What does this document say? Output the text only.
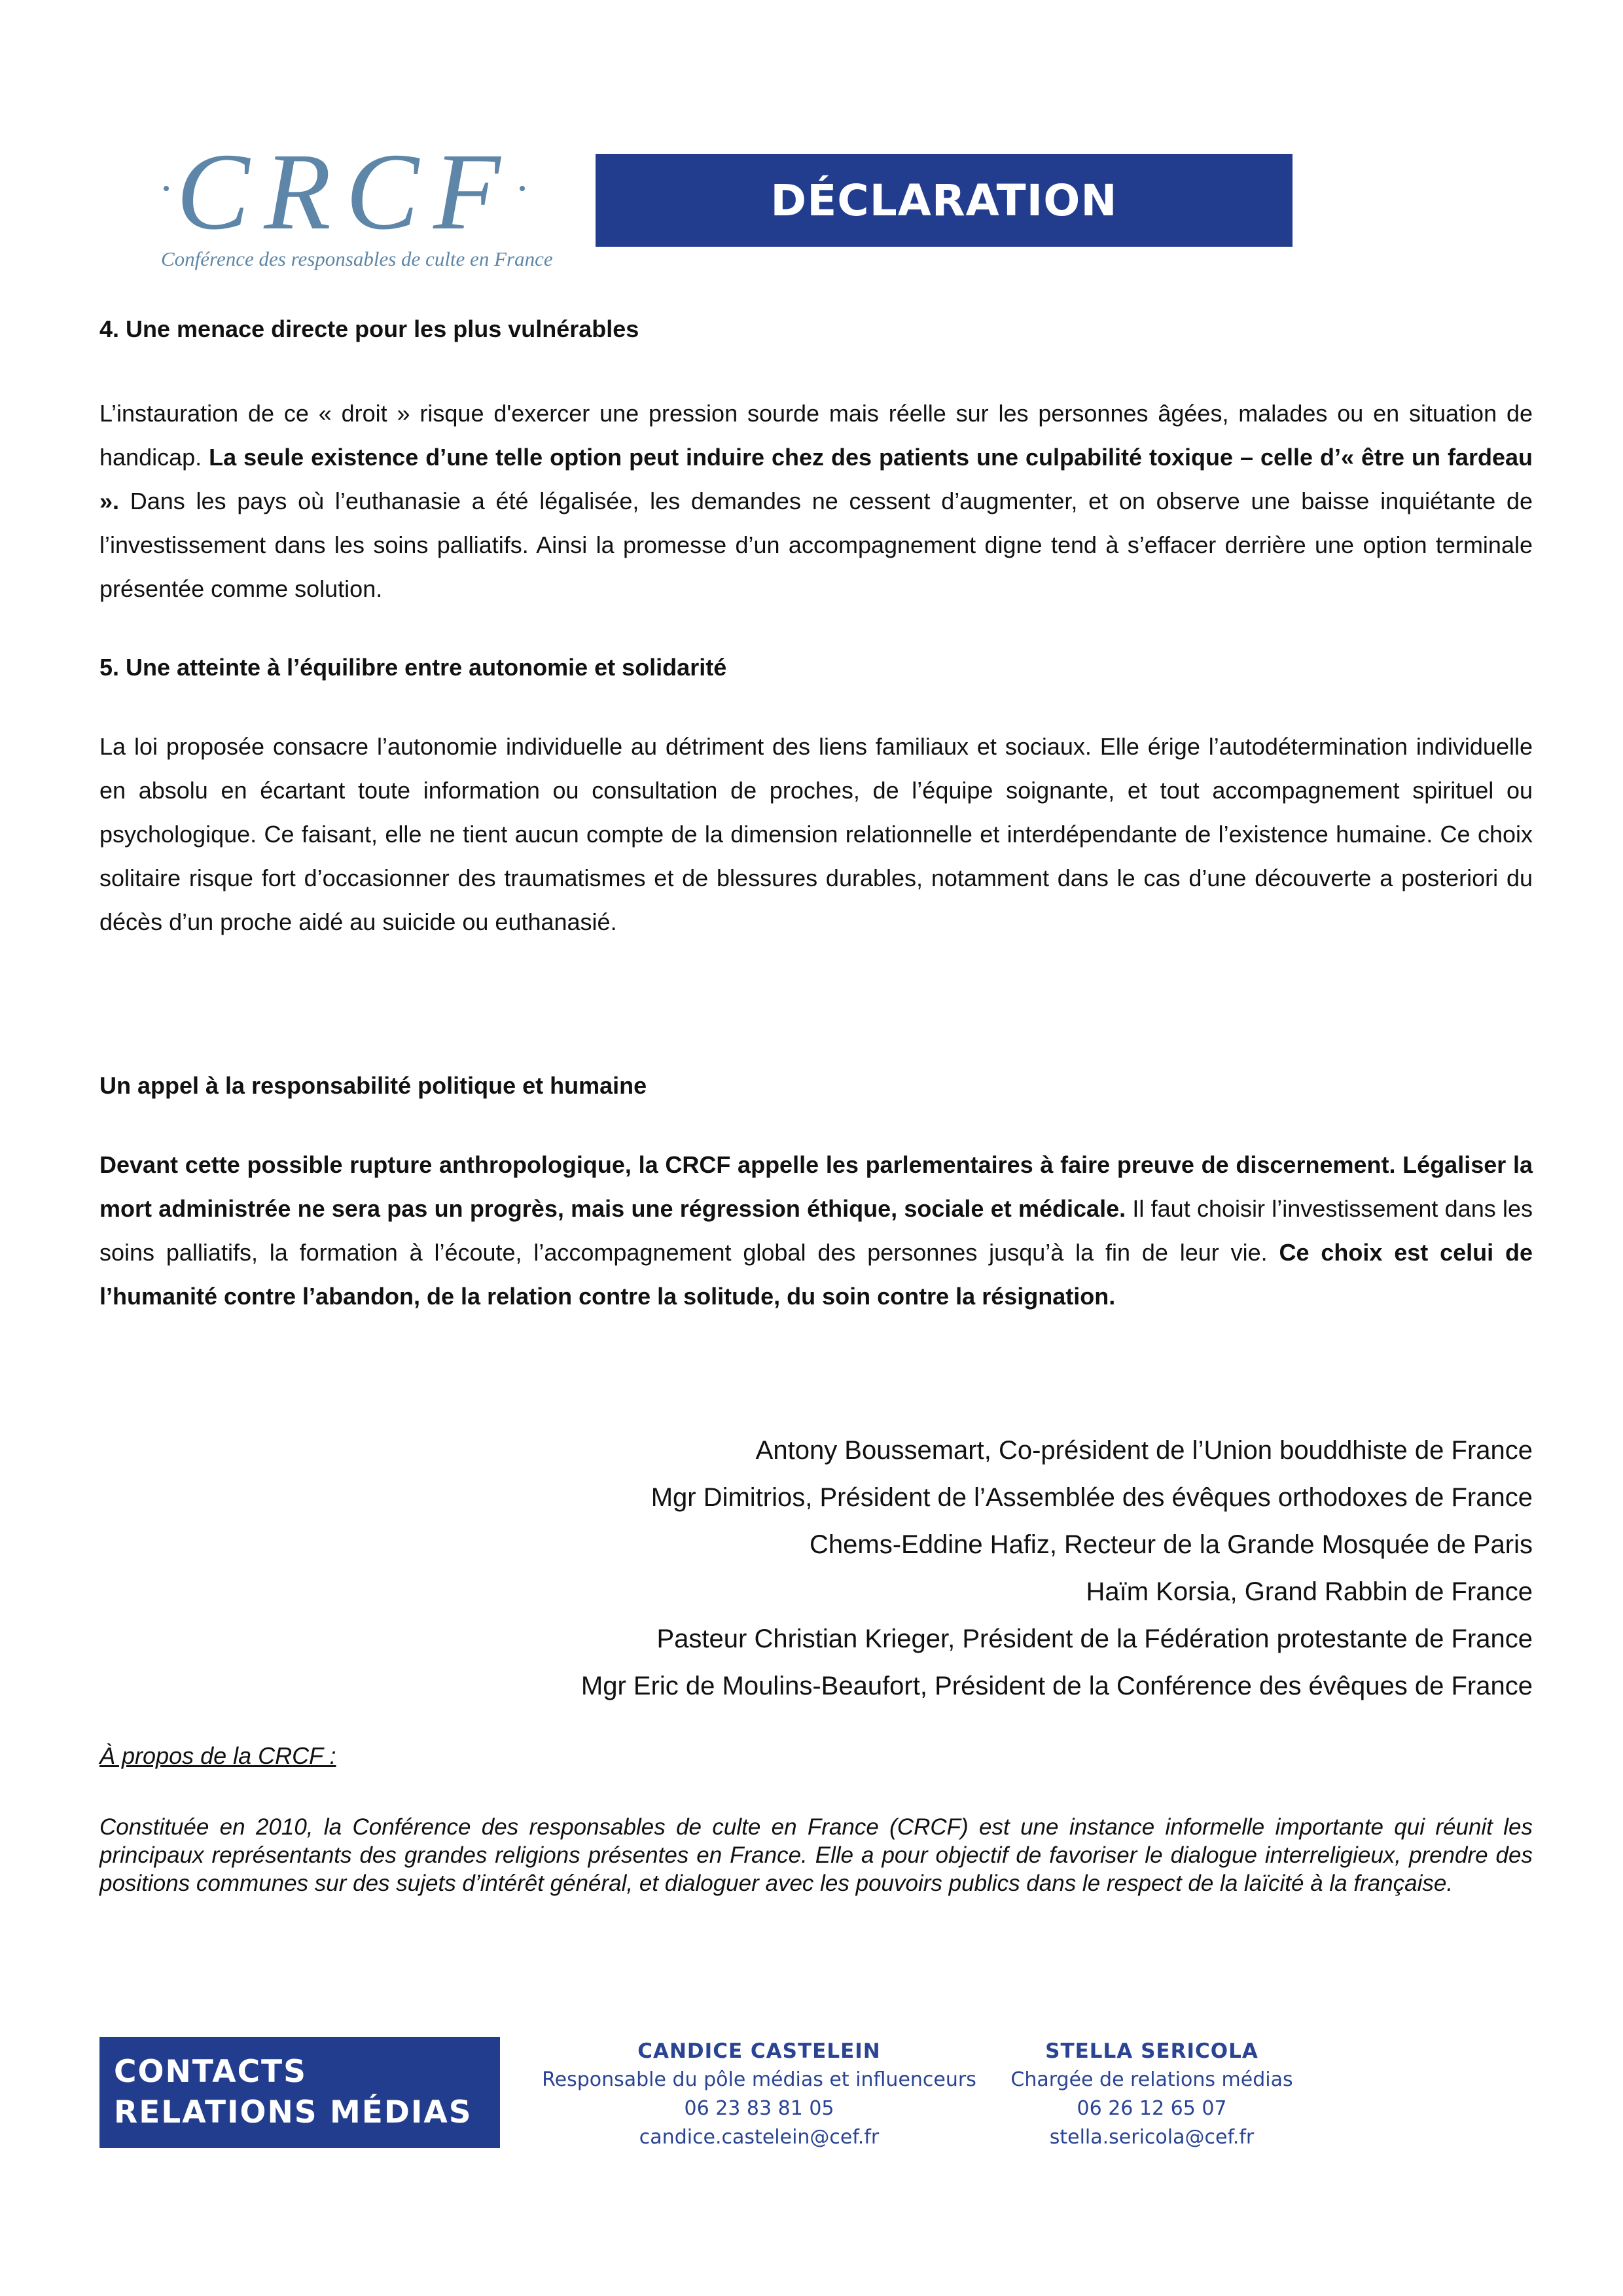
CRCF
Conférence des responsables de culte en France
DÉCLARATION
4. Une menace directe pour les plus vulnérables

L’instauration de ce « droit » risque d'exercer une pression sourde mais réelle sur les personnes âgées, malades ou en situation de handicap. La seule existence d’une telle option peut induire chez des patients une culpabilité toxique – celle d’« être un fardeau ». Dans les pays où l’euthanasie a été légalisée, les demandes ne cessent d’augmenter, et on observe une baisse inquiétante de l’investissement dans les soins palliatifs. Ainsi la promesse d’un accompagnement digne tend à s’effacer derrière une option terminale présentée comme solution.

5. Une atteinte à l’équilibre entre autonomie et solidarité

La loi proposée consacre l’autonomie individuelle au détriment des liens familiaux et sociaux. Elle érige l’autodétermination individuelle en absolu en écartant toute information ou consultation de proches, de l’équipe soignante, et tout accompagnement spirituel ou psychologique. Ce faisant, elle ne tient aucun compte de la dimension relationnelle et interdépendante de l’existence humaine. Ce choix solitaire risque fort d’occasionner des traumatismes et de blessures durables, notamment dans le cas d’une découverte a posteriori du décès d’un proche aidé au suicide ou euthanasié.

Un appel à la responsabilité politique et humaine

Devant cette possible rupture anthropologique, la CRCF appelle les parlementaires à faire preuve de discernement. Légaliser la mort administrée ne sera pas un progrès, mais une régression éthique, sociale et médicale. Il faut choisir l’investissement dans les soins palliatifs, la formation à l’écoute, l’accompagnement global des personnes jusqu’à la fin de leur vie. Ce choix est celui de l’humanité contre l’abandon, de la relation contre la solitude, du soin contre la résignation.

Antony Boussemart, Co-président de l’Union bouddhiste de France
Mgr Dimitrios, Président de l’Assemblée des évêques orthodoxes de France
Chems-Eddine Hafiz, Recteur de la Grande Mosquée de Paris
Haïm Korsia, Grand Rabbin de France
Pasteur Christian Krieger, Président de la Fédération protestante de France
Mgr Eric de Moulins-Beaufort, Président de la Conférence des évêques de France
À propos de la CRCF :
Constituée en 2010, la Conférence des responsables de culte en France (CRCF) est une instance informelle importante qui réunit les principaux représentants des grandes religions présentes en France. Elle a pour objectif de favoriser le dialogue interreligieux, prendre des positions communes sur des sujets d’intérêt général, et dialoguer avec les pouvoirs publics dans le respect de la laïcité à la française.
CONTACTS
RELATIONS MÉDIAS
CANDICE CASTELEIN
Responsable du pôle médias et influenceurs
06 23 83 81 05
candice.castelein@cef.fr
STELLA SERICOLA
Chargée de relations médias
06 26 12 65 07
stella.sericola@cef.fr
